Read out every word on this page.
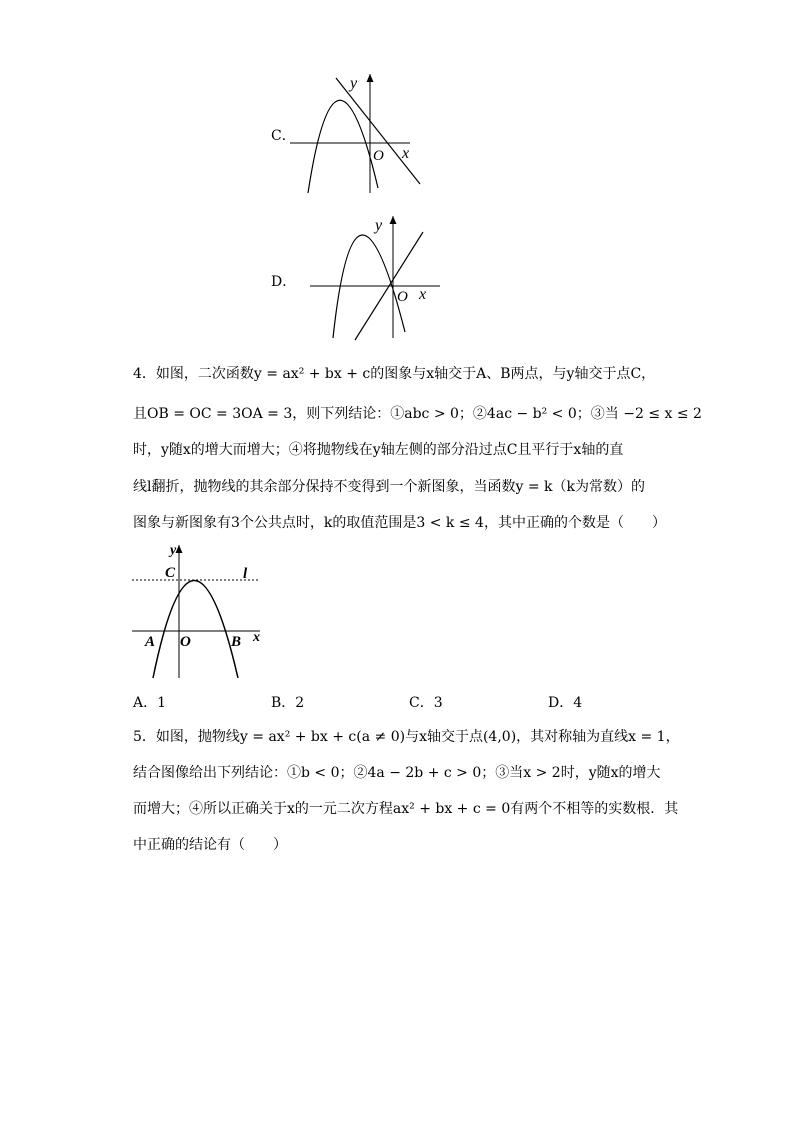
C．
y
O x
D．
y
O x
4．如图，二次函数y = ax² + bx + c的图象与x轴交于A、B两点，与y轴交于点C，
且OB = OC = 3OA = 3，则下列结论：①abc > 0；②4ac − b² < 0；③当 −2 ≤ x ≤ 2
时，y随x的增大而增大；④将抛物线在y轴左侧的部分沿过点C且平行于x轴的直
线l翻折，抛物线的其余部分保持不变得到一个新图象，当函数y = k（k为常数）的
图象与新图象有3个公共点时，k的取值范围是3 < k ≤ 4，其中正确的个数是（　　）
y
C	l
A O	B x
A．1	B．2	C．3	D．4
5．如图，抛物线y = ax² + bx + c(a ≠ 0)与x轴交于点(4,0)，其对称轴为直线x = 1，
结合图像给出下列结论：①b < 0；②4a − 2b + c > 0；③当x > 2时，y随x的增大
而增大；④所以正确关于x的一元二次方程ax² + bx + c = 0有两个不相等的实数根．其
中正确的结论有（　　）
